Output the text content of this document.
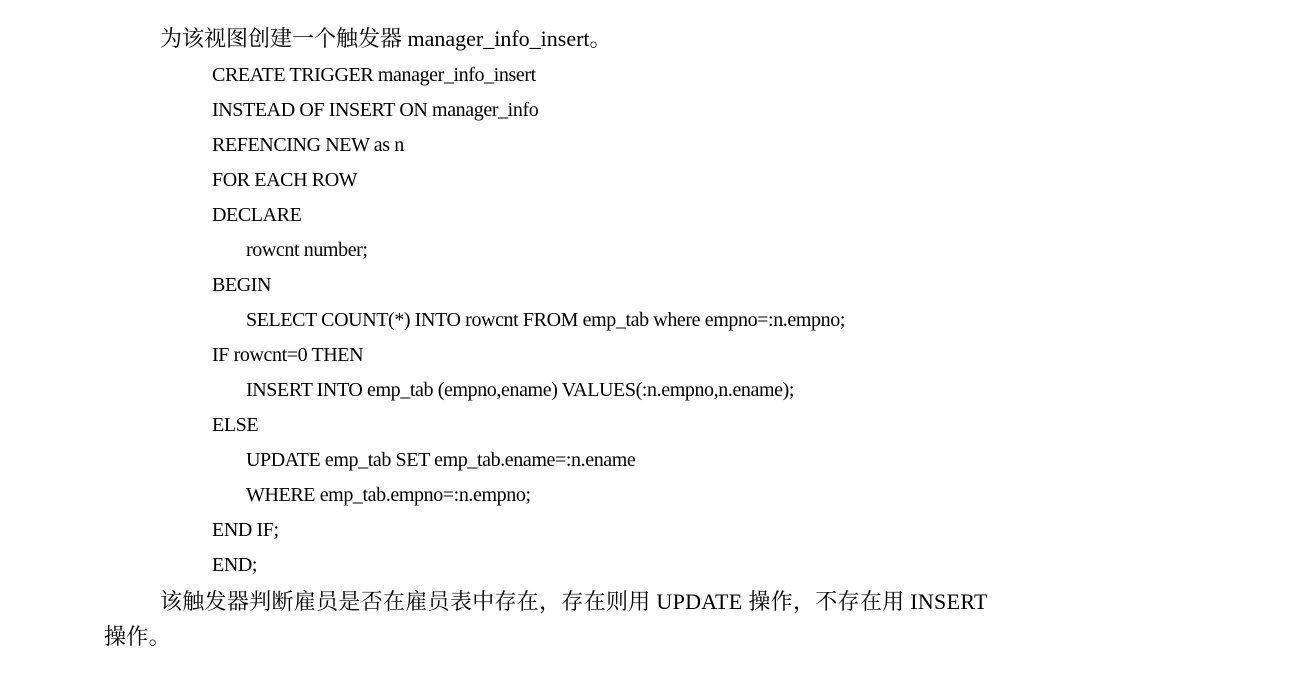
为该视图创建一个触发器 manager_info_insert。
CREATE TRIGGER manager_info_insert
INSTEAD OF INSERT ON manager_info
REFENCING NEW as n
FOR EACH ROW
DECLARE
rowcnt number;
BEGIN
SELECT COUNT(*) INTO rowcnt FROM emp_tab where empno=:n.empno;
IF rowcnt=0 THEN
INSERT INTO emp_tab (empno,ename) VALUES(:n.empno,n.ename);
ELSE
UPDATE emp_tab SET emp_tab.ename=:n.ename
WHERE emp_tab.empno=:n.empno;
END IF;
END;
该触发器判断雇员是否在雇员表中存在，存在则用 UPDATE 操作，不存在用 INSERT
操作。
